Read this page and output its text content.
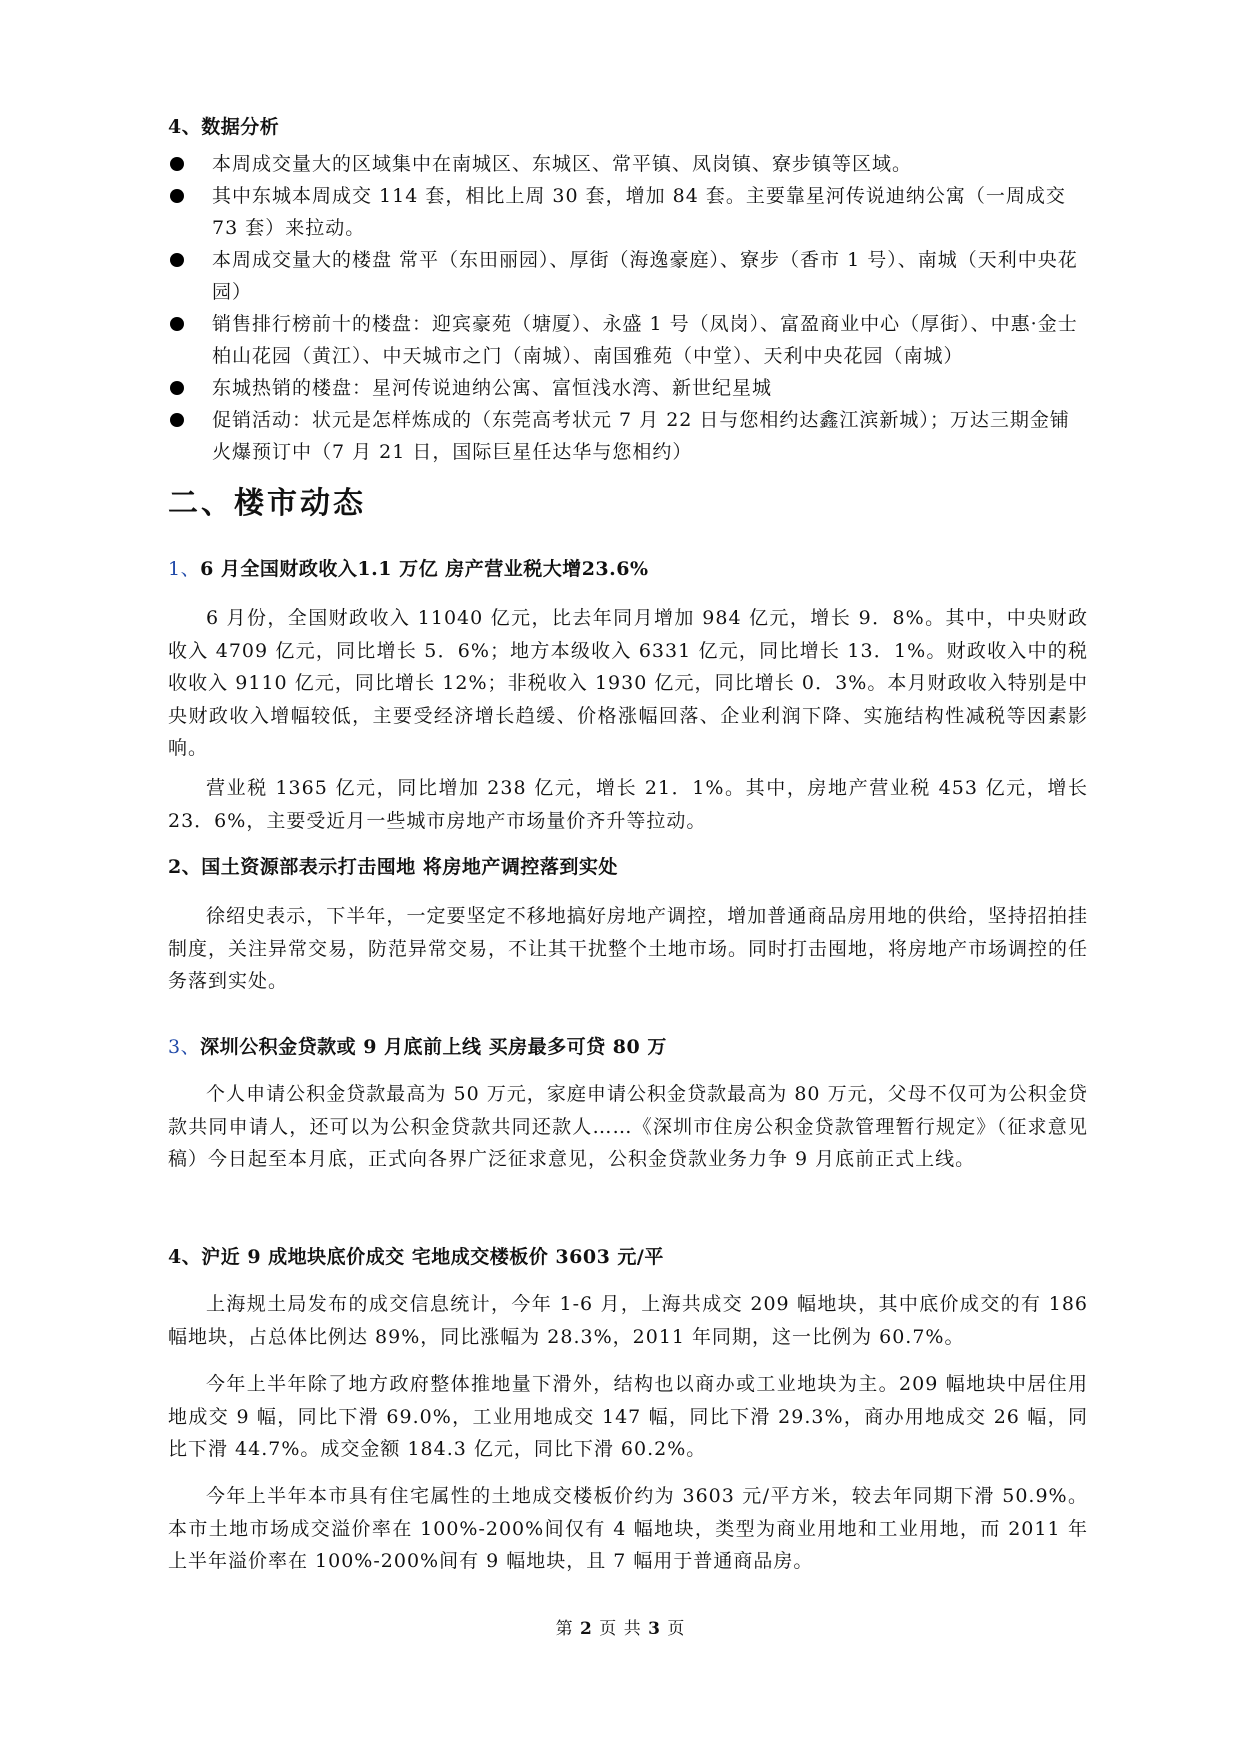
4、数据分析
本周成交量大的区域集中在南城区、东城区、常平镇、凤岗镇、寮步镇等区域。
其中东城本周成交 114 套，相比上周 30 套，增加 84 套。主要靠星河传说迪纳公寓（一周成交 73 套）来拉动。
本周成交量大的楼盘 常平（东田丽园）、厚街（海逸豪庭）、寮步（香市 1 号）、南城（天利中央花园）
销售排行榜前十的楼盘：迎宾豪苑（塘厦）、永盛 1 号（凤岗）、富盈商业中心（厚街）、中惠·金士柏山花园（黄江）、中天城市之门（南城）、南国雅苑（中堂）、天利中央花园（南城）
东城热销的楼盘：星河传说迪纳公寓、富恒浅水湾、新世纪星城
促销活动：状元是怎样炼成的（东莞高考状元 7 月 22 日与您相约达鑫江滨新城）；万达三期金铺火爆预订中（7 月 21 日，国际巨星任达华与您相约）
二、楼市动态
1、6 月全国财政收入1.1 万亿 房产营业税大增23.6%
6 月份，全国财政收入 11040 亿元，比去年同月增加 984 亿元，增长 9．8%。其中，中央财政收入 4709 亿元，同比增长 5．6%；地方本级收入 6331 亿元，同比增长 13．1%。财政收入中的税收收入 9110 亿元，同比增长 12%；非税收入 1930 亿元，同比增长 0．3%。本月财政收入特别是中央财政收入增幅较低，主要受经济增长趋缓、价格涨幅回落、企业利润下降、实施结构性减税等因素影响。
营业税 1365 亿元，同比增加 238 亿元，增长 21．1%。其中，房地产营业税 453 亿元，增长 23．6%，主要受近月一些城市房地产市场量价齐升等拉动。
2、国土资源部表示打击囤地 将房地产调控落到实处
徐绍史表示，下半年，一定要坚定不移地搞好房地产调控，增加普通商品房用地的供给，坚持招拍挂制度，关注异常交易，防范异常交易，不让其干扰整个土地市场。同时打击囤地，将房地产市场调控的任务落到实处。
3、深圳公积金贷款或 9 月底前上线 买房最多可贷 80 万
个人申请公积金贷款最高为 50 万元，家庭申请公积金贷款最高为 80 万元，父母不仅可为公积金贷款共同申请人，还可以为公积金贷款共同还款人……《深圳市住房公积金贷款管理暂行规定》（征求意见稿）今日起至本月底，正式向各界广泛征求意见，公积金贷款业务力争 9 月底前正式上线。
4、沪近 9 成地块底价成交 宅地成交楼板价 3603 元/平
上海规土局发布的成交信息统计，今年 1-6 月，上海共成交 209 幅地块，其中底价成交的有 186 幅地块，占总体比例达 89%，同比涨幅为 28.3%，2011 年同期，这一比例为 60.7%。
今年上半年除了地方政府整体推地量下滑外，结构也以商办或工业地块为主。209 幅地块中居住用地成交 9 幅，同比下滑 69.0%，工业用地成交 147 幅，同比下滑 29.3%，商办用地成交 26 幅，同比下滑 44.7%。成交金额 184.3 亿元，同比下滑 60.2%。
今年上半年本市具有住宅属性的土地成交楼板价约为 3603 元/平方米，较去年同期下滑 50.9%。本市土地市场成交溢价率在 100%-200%间仅有 4 幅地块，类型为商业用地和工业用地，而 2011 年上半年溢价率在 100%-200%间有 9 幅地块，且 7 幅用于普通商品房。
第 2 页 共 3 页
